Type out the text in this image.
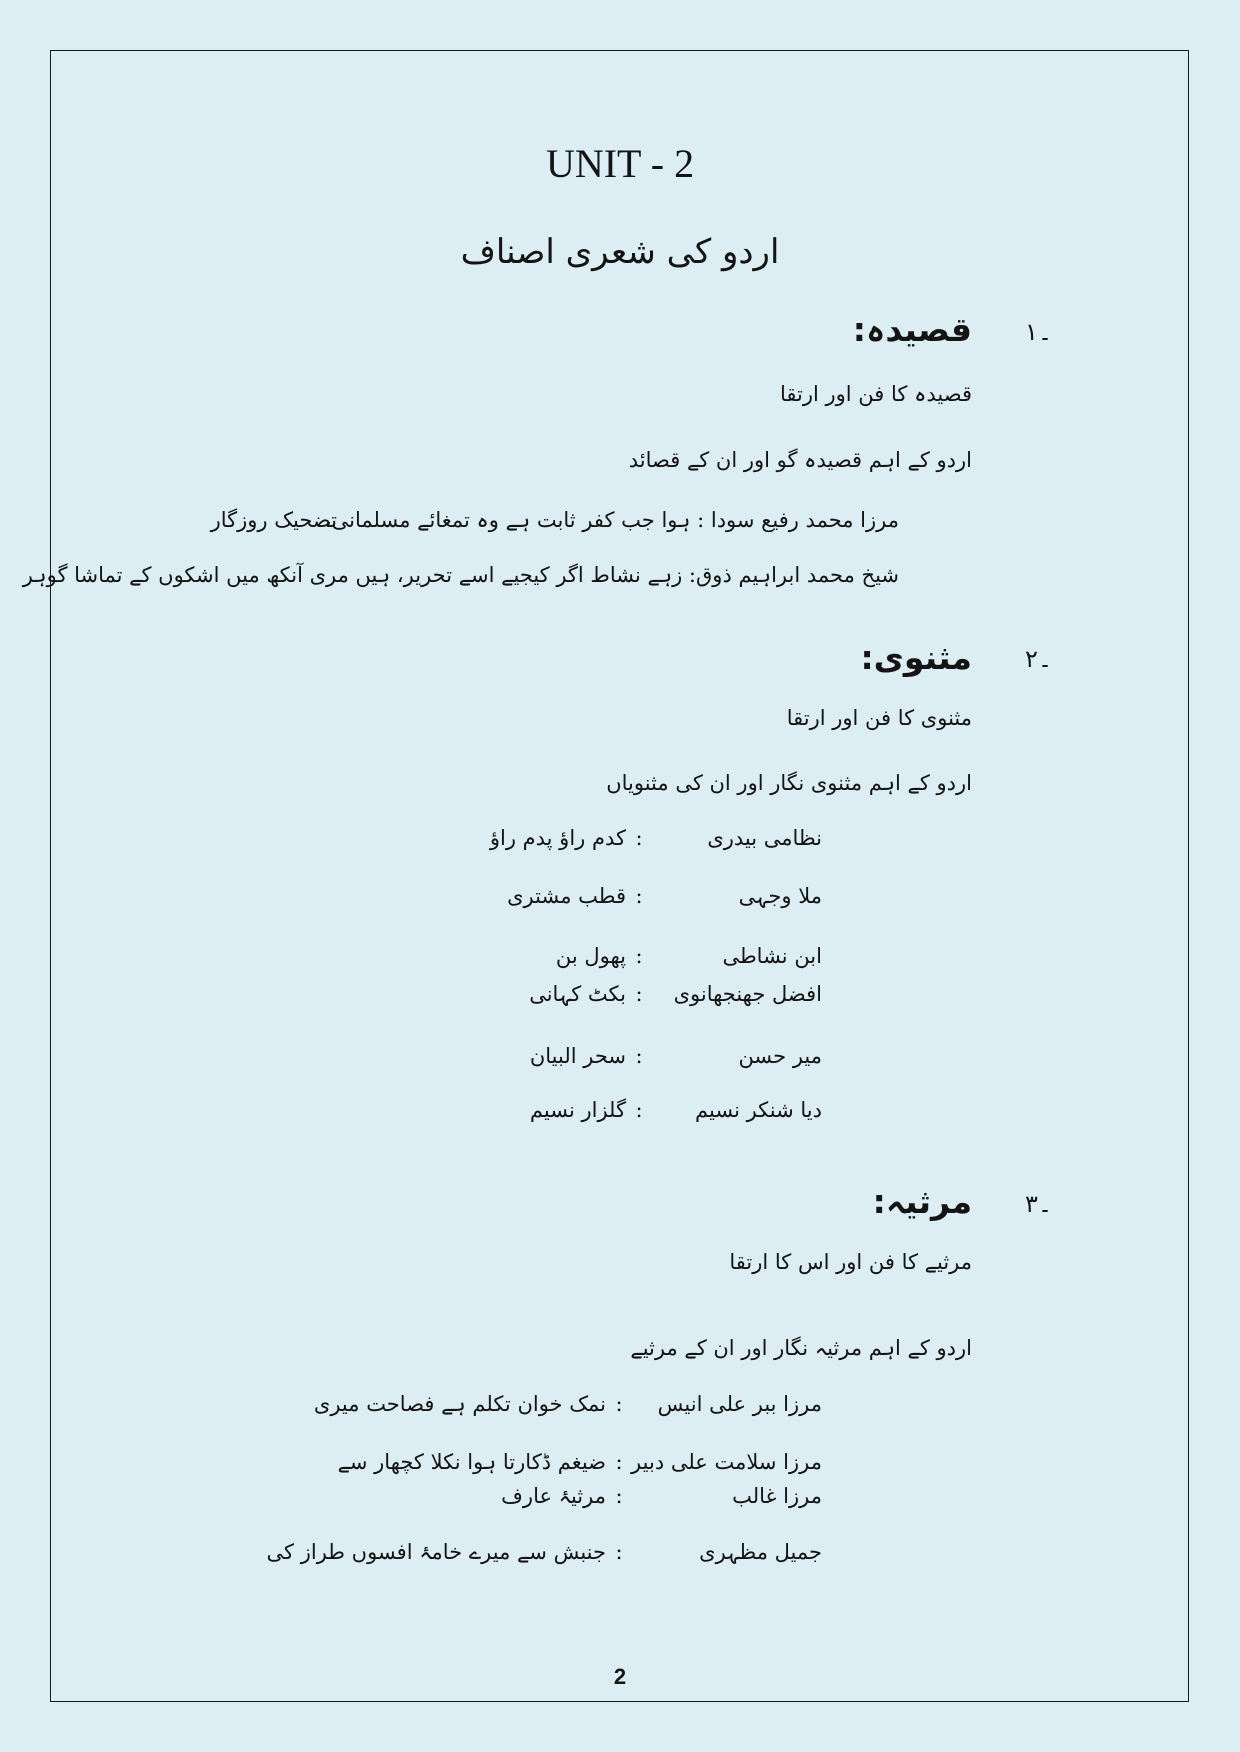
UNIT - 2
اردو کی شعری اصناف
۱۔
قصیدہ:
قصیدہ کا فن اور ارتقا
اردو کے اہم قصیدہ گو اور ان کے قصائد
مرزا محمد رفیع سودا : ہوا جب کفر ثابت ہے وہ تمغائے مسلمانی،
تضحیک روزگار
شیخ محمد ابراہیم ذوق: زہے نشاط اگر کیجیے اسے تحریر، ہیں مری آنکھ میں اشکوں کے تماشا گوہر
۲۔
مثنوی:
مثنوی کا فن اور ارتقا
اردو کے اہم مثنوی نگار اور ان کی مثنویاں
نظامی بیدری:کدم راؤ پدم راؤ
ملا وجہی:قطب مشتری
ابن نشاطی:پھول بن
افضل جھنجھانوی:بکٹ کہانی
میر حسن:سحر البیان
دیا شنکر نسیم:گلزار نسیم
۳۔
مرثیہ:
مرثیے کا فن اور اس کا ارتقا
اردو کے اہم مرثیہ نگار اور ان کے مرثیے
مرزا ببر علی انیس:نمک خوان تکلم ہے فصاحت میری
مرزا سلامت علی دبیر:ضیغم ڈکارتا ہوا نکلا کچھار سے
مرزا غالب:مرثیۂ عارف
جمیل مظہری:جنبش سے میرے خامۂ افسوں طراز کی
2
